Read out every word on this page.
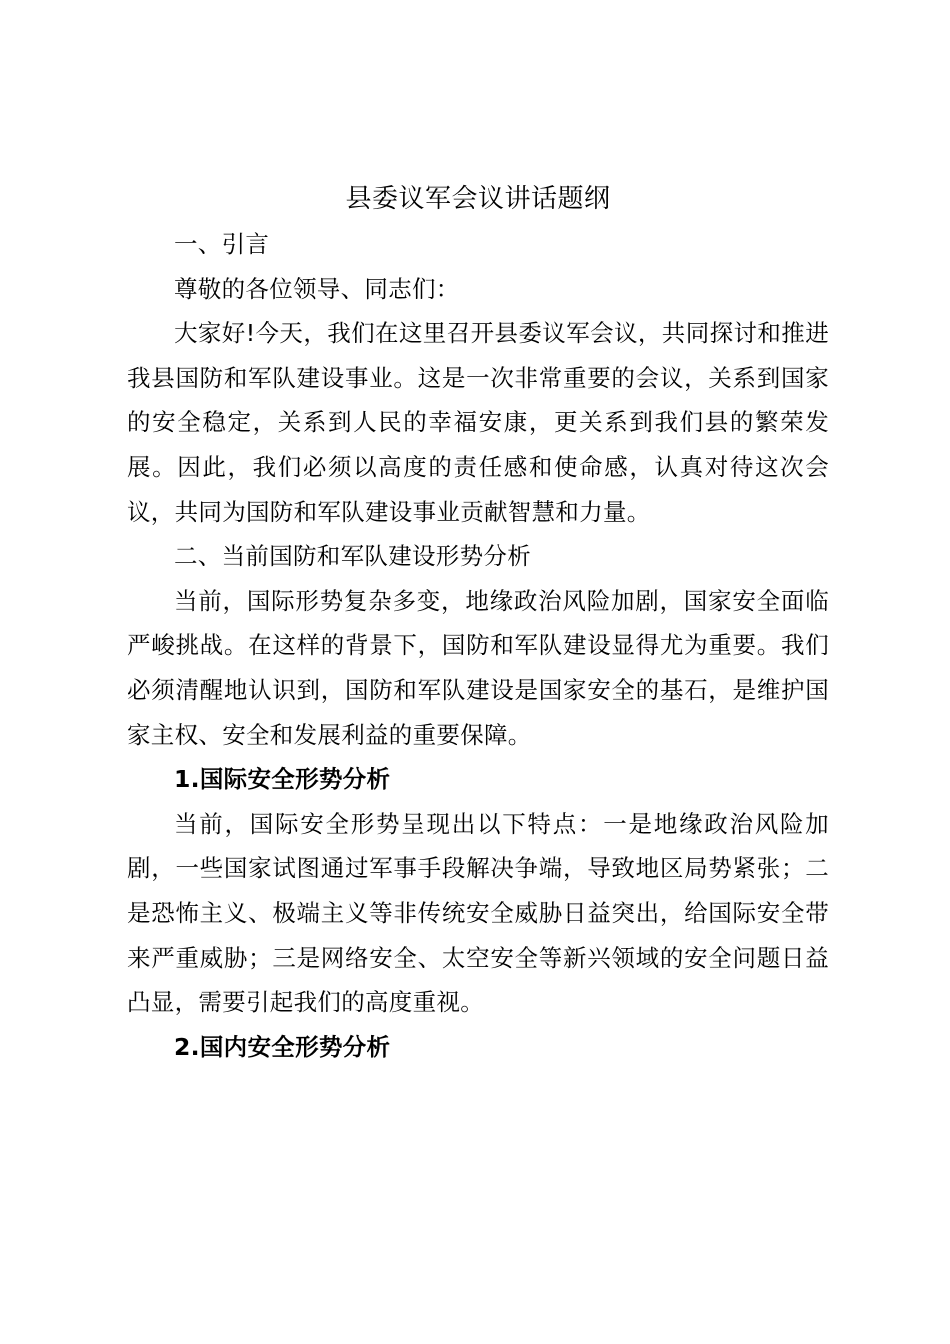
县委议军会议讲话题纲

一、引言

尊敬的各位领导、同志们：

大家好!今天，我们在这里召开县委议军会议，共同探讨和推进我县国防和军队建设事业。这是一次非常重要的会议，关系到国家的安全稳定，关系到人民的幸福安康，更关系到我们县的繁荣发展。因此，我们必须以高度的责任感和使命感，认真对待这次会议，共同为国防和军队建设事业贡献智慧和力量。

二、当前国防和军队建设形势分析

当前，国际形势复杂多变，地缘政治风险加剧，国家安全面临严峻挑战。在这样的背景下，国防和军队建设显得尤为重要。我们必须清醒地认识到，国防和军队建设是国家安全的基石，是维护国家主权、安全和发展利益的重要保障。

1.国际安全形势分析

当前，国际安全形势呈现出以下特点：一是地缘政治风险加剧，一些国家试图通过军事手段解决争端，导致地区局势紧张；二是恐怖主义、极端主义等非传统安全威胁日益突出，给国际安全带来严重威胁；三是网络安全、太空安全等新兴领域的安全问题日益凸显，需要引起我们的高度重视。

2.国内安全形势分析
